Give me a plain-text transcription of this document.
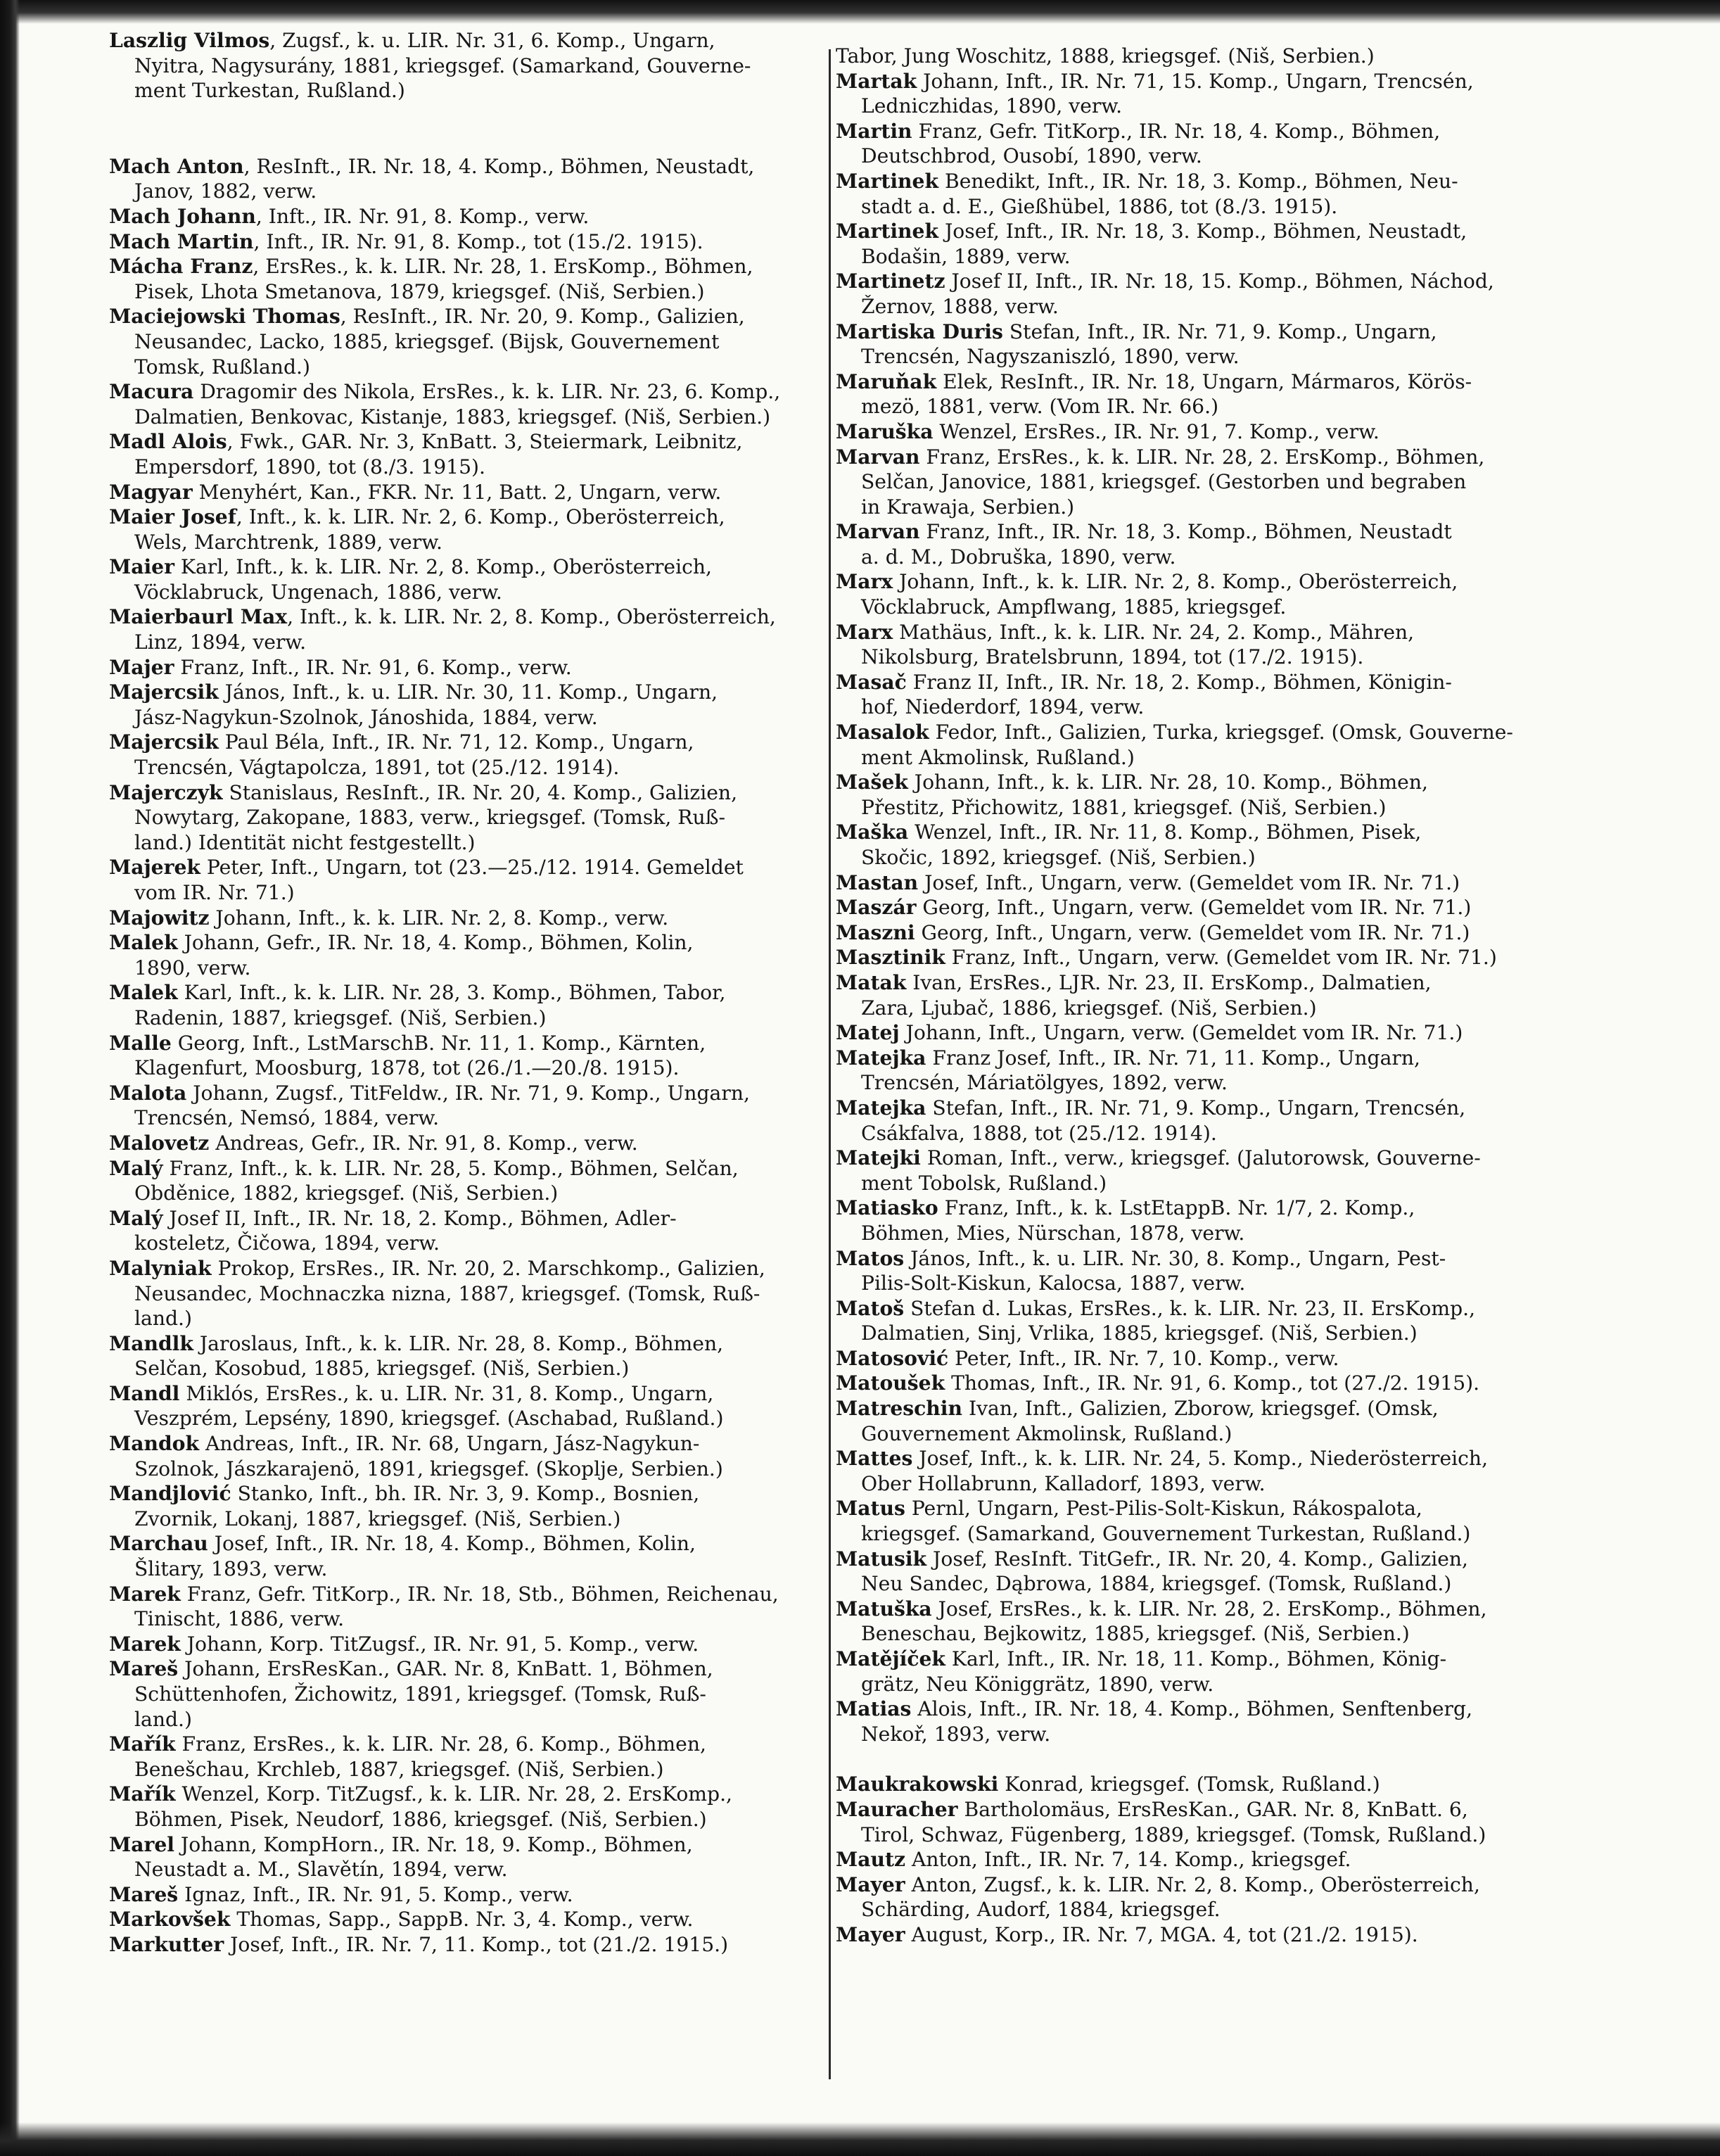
Laszlig Vilmos, Zugsf., k. u. LIR. Nr. 31, 6. Komp., Ungarn,
Nyitra, Nagysurány, 1881, kriegsgef. (Samarkand, Gouverne-
ment Turkestan, Rußland.)

Mach Anton, ResInft., IR. Nr. 18, 4. Komp., Böhmen, Neustadt,
Janov, 1882, verw.

Mach Johann, Inft., IR. Nr. 91, 8. Komp., verw.

Mach Martin, Inft., IR. Nr. 91, 8. Komp., tot (15./2. 1915).

Mácha Franz, ErsRes., k. k. LIR. Nr. 28, 1. ErsKomp., Böhmen,
Pisek, Lhota Smetanova, 1879, kriegsgef. (Niš, Serbien.)

Maciejowski Thomas, ResInft., IR. Nr. 20, 9. Komp., Galizien,
Neusandec, Lacko, 1885, kriegsgef. (Bijsk, Gouvernement
Tomsk, Rußland.)

Macura Dragomir des Nikola, ErsRes., k. k. LIR. Nr. 23, 6. Komp.,
Dalmatien, Benkovac, Kistanje, 1883, kriegsgef. (Niš, Serbien.)

Madl Alois, Fwk., GAR. Nr. 3, KnBatt. 3, Steiermark, Leibnitz,
Empersdorf, 1890, tot (8./3. 1915).

Magyar Menyhért, Kan., FKR. Nr. 11, Batt. 2, Ungarn, verw.

Maier Josef, Inft., k. k. LIR. Nr. 2, 6. Komp., Oberösterreich,
Wels, Marchtrenk, 1889, verw.

Maier Karl, Inft., k. k. LIR. Nr. 2, 8. Komp., Oberösterreich,
Vöcklabruck, Ungenach, 1886, verw.

Maierbaurl Max, Inft., k. k. LIR. Nr. 2, 8. Komp., Oberösterreich,
Linz, 1894, verw.

Majer Franz, Inft., IR. Nr. 91, 6. Komp., verw.

Majercsik János, Inft., k. u. LIR. Nr. 30, 11. Komp., Ungarn,
Jász-Nagykun-Szolnok, Jánoshida, 1884, verw.

Majercsik Paul Béla, Inft., IR. Nr. 71, 12. Komp., Ungarn,
Trencsén, Vágtapolcza, 1891, tot (25./12. 1914).

Majerczyk Stanislaus, ResInft., IR. Nr. 20, 4. Komp., Galizien,
Nowytarg, Zakopane, 1883, verw., kriegsgef. (Tomsk, Ruß-
land.) Identität nicht festgestellt.)

Majerek Peter, Inft., Ungarn, tot (23.—25./12. 1914. Gemeldet
vom IR. Nr. 71.)

Majowitz Johann, Inft., k. k. LIR. Nr. 2, 8. Komp., verw.

Malek Johann, Gefr., IR. Nr. 18, 4. Komp., Böhmen, Kolin,
1890, verw.

Malek Karl, Inft., k. k. LIR. Nr. 28, 3. Komp., Böhmen, Tabor,
Radenin, 1887, kriegsgef. (Niš, Serbien.)

Malle Georg, Inft., LstMarschB. Nr. 11, 1. Komp., Kärnten,
Klagenfurt, Moosburg, 1878, tot (26./1.—20./8. 1915).

Malota Johann, Zugsf., TitFeldw., IR. Nr. 71, 9. Komp., Ungarn,
Trencsén, Nemsó, 1884, verw.

Malovetz Andreas, Gefr., IR. Nr. 91, 8. Komp., verw.

Malý Franz, Inft., k. k. LIR. Nr. 28, 5. Komp., Böhmen, Selčan,
Obděnice, 1882, kriegsgef. (Niš, Serbien.)

Malý Josef II, Inft., IR. Nr. 18, 2. Komp., Böhmen, Adler-
kosteletz, Čičowa, 1894, verw.

Malyniak Prokop, ErsRes., IR. Nr. 20, 2. Marschkomp., Galizien,
Neusandec, Mochnaczka nizna, 1887, kriegsgef. (Tomsk, Ruß-
land.)

Mandlk Jaroslaus, Inft., k. k. LIR. Nr. 28, 8. Komp., Böhmen,
Selčan, Kosobud, 1885, kriegsgef. (Niš, Serbien.)

Mandl Miklós, ErsRes., k. u. LIR. Nr. 31, 8. Komp., Ungarn,
Veszprém, Lepsény, 1890, kriegsgef. (Aschabad, Rußland.)

Mandok Andreas, Inft., IR. Nr. 68, Ungarn, Jász-Nagykun-
Szolnok, Jászkarajenö, 1891, kriegsgef. (Skoplje, Serbien.)

Mandjlović Stanko, Inft., bh. IR. Nr. 3, 9. Komp., Bosnien,
Zvornik, Lokanj, 1887, kriegsgef. (Niš, Serbien.)

Marchau Josef, Inft., IR. Nr. 18, 4. Komp., Böhmen, Kolin,
Šlitary, 1893, verw.

Marek Franz, Gefr. TitKorp., IR. Nr. 18, Stb., Böhmen, Reichenau,
Tinischt, 1886, verw.

Marek Johann, Korp. TitZugsf., IR. Nr. 91, 5. Komp., verw.

Mareš Johann, ErsResKan., GAR. Nr. 8, KnBatt. 1, Böhmen,
Schüttenhofen, Žichowitz, 1891, kriegsgef. (Tomsk, Ruß-
land.)

Mařík Franz, ErsRes., k. k. LIR. Nr. 28, 6. Komp., Böhmen,
Benešchau, Krchleb, 1887, kriegsgef. (Niš, Serbien.)

Mařík Wenzel, Korp. TitZugsf., k. k. LIR. Nr. 28, 2. ErsKomp.,
Böhmen, Pisek, Neudorf, 1886, kriegsgef. (Niš, Serbien.)

Marel Johann, KompHorn., IR. Nr. 18, 9. Komp., Böhmen,
Neustadt a. M., Slavětín, 1894, verw.

Mareš Ignaz, Inft., IR. Nr. 91, 5. Komp., verw.

Markovšek Thomas, Sapp., SappB. Nr. 3, 4. Komp., verw.

Markutter Josef, Inft., IR. Nr. 7, 11. Komp., tot (21./2. 1915.)

Tabor, Jung Woschitz, 1888, kriegsgef. (Niš, Serbien.)

Martak Johann, Inft., IR. Nr. 71, 15. Komp., Ungarn, Trencsén,
Ledniczhidas, 1890, verw.

Martin Franz, Gefr. TitKorp., IR. Nr. 18, 4. Komp., Böhmen,
Deutschbrod, Ousobí, 1890, verw.

Martinek Benedikt, Inft., IR. Nr. 18, 3. Komp., Böhmen, Neu-
stadt a. d. E., Gießhübel, 1886, tot (8./3. 1915).

Martinek Josef, Inft., IR. Nr. 18, 3. Komp., Böhmen, Neustadt,
Bodašin, 1889, verw.

Martinetz Josef II, Inft., IR. Nr. 18, 15. Komp., Böhmen, Náchod,
Žernov, 1888, verw.

Martiska Duris Stefan, Inft., IR. Nr. 71, 9. Komp., Ungarn,
Trencsén, Nagyszaniszló, 1890, verw.

Maruňak Elek, ResInft., IR. Nr. 18, Ungarn, Mármaros, Körös-
mezö, 1881, verw. (Vom IR. Nr. 66.)

Maruška Wenzel, ErsRes., IR. Nr. 91, 7. Komp., verw.

Marvan Franz, ErsRes., k. k. LIR. Nr. 28, 2. ErsKomp., Böhmen,
Selčan, Janovice, 1881, kriegsgef. (Gestorben und begraben
in Krawaja, Serbien.)

Marvan Franz, Inft., IR. Nr. 18, 3. Komp., Böhmen, Neustadt
a. d. M., Dobruška, 1890, verw.

Marx Johann, Inft., k. k. LIR. Nr. 2, 8. Komp., Oberösterreich,
Vöcklabruck, Ampflwang, 1885, kriegsgef.

Marx Mathäus, Inft., k. k. LIR. Nr. 24, 2. Komp., Mähren,
Nikolsburg, Bratelsbrunn, 1894, tot (17./2. 1915).

Masač Franz II, Inft., IR. Nr. 18, 2. Komp., Böhmen, Königin-
hof, Niederdorf, 1894, verw.

Masalok Fedor, Inft., Galizien, Turka, kriegsgef. (Omsk, Gouverne-
ment Akmolinsk, Rußland.)

Mašek Johann, Inft., k. k. LIR. Nr. 28, 10. Komp., Böhmen,
Přestitz, Přichowitz, 1881, kriegsgef. (Niš, Serbien.)

Maška Wenzel, Inft., IR. Nr. 11, 8. Komp., Böhmen, Pisek,
Skočic, 1892, kriegsgef. (Niš, Serbien.)

Mastan Josef, Inft., Ungarn, verw. (Gemeldet vom IR. Nr. 71.)

Maszár Georg, Inft., Ungarn, verw. (Gemeldet vom IR. Nr. 71.)

Maszni Georg, Inft., Ungarn, verw. (Gemeldet vom IR. Nr. 71.)

Masztinik Franz, Inft., Ungarn, verw. (Gemeldet vom IR. Nr. 71.)

Matak Ivan, ErsRes., LJR. Nr. 23, II. ErsKomp., Dalmatien,
Zara, Ljubač, 1886, kriegsgef. (Niš, Serbien.)

Matej Johann, Inft., Ungarn, verw. (Gemeldet vom IR. Nr. 71.)

Matejka Franz Josef, Inft., IR. Nr. 71, 11. Komp., Ungarn,
Trencsén, Máriatölgyes, 1892, verw.

Matejka Stefan, Inft., IR. Nr. 71, 9. Komp., Ungarn, Trencsén,
Csákfalva, 1888, tot (25./12. 1914).

Matejki Roman, Inft., verw., kriegsgef. (Jalutorowsk, Gouverne-
ment Tobolsk, Rußland.)

Matiasko Franz, Inft., k. k. LstEtappB. Nr. 1/7, 2. Komp.,
Böhmen, Mies, Nürschan, 1878, verw.

Matos János, Inft., k. u. LIR. Nr. 30, 8. Komp., Ungarn, Pest-
Pilis-Solt-Kiskun, Kalocsa, 1887, verw.

Matoš Stefan d. Lukas, ErsRes., k. k. LIR. Nr. 23, II. ErsKomp.,
Dalmatien, Sinj, Vrlika, 1885, kriegsgef. (Niš, Serbien.)

Matosović Peter, Inft., IR. Nr. 7, 10. Komp., verw.

Matoušek Thomas, Inft., IR. Nr. 91, 6. Komp., tot (27./2. 1915).

Matreschin Ivan, Inft., Galizien, Zborow, kriegsgef. (Omsk,
Gouvernement Akmolinsk, Rußland.)

Mattes Josef, Inft., k. k. LIR. Nr. 24, 5. Komp., Niederösterreich,
Ober Hollabrunn, Kalladorf, 1893, verw.

Matus Pernl, Ungarn, Pest-Pilis-Solt-Kiskun, Rákospalota,
kriegsgef. (Samarkand, Gouvernement Turkestan, Rußland.)

Matusik Josef, ResInft. TitGefr., IR. Nr. 20, 4. Komp., Galizien,
Neu Sandec, Dąbrowa, 1884, kriegsgef. (Tomsk, Rußland.)

Matuška Josef, ErsRes., k. k. LIR. Nr. 28, 2. ErsKomp., Böhmen,
Beneschau, Bejkowitz, 1885, kriegsgef. (Niš, Serbien.)

Matějíček Karl, Inft., IR. Nr. 18, 11. Komp., Böhmen, König-
grätz, Neu Königgrätz, 1890, verw.

Matias Alois, Inft., IR. Nr. 18, 4. Komp., Böhmen, Senftenberg,
Nekoř, 1893, verw.

Maukrakowski Konrad, kriegsgef. (Tomsk, Rußland.)

Mauracher Bartholomäus, ErsResKan., GAR. Nr. 8, KnBatt. 6,
Tirol, Schwaz, Fügenberg, 1889, kriegsgef. (Tomsk, Rußland.)

Mautz Anton, Inft., IR. Nr. 7, 14. Komp., kriegsgef.

Mayer Anton, Zugsf., k. k. LIR. Nr. 2, 8. Komp., Oberösterreich,
Schärding, Audorf, 1884, kriegsgef.

Mayer August, Korp., IR. Nr. 7, MGA. 4, tot (21./2. 1915).
